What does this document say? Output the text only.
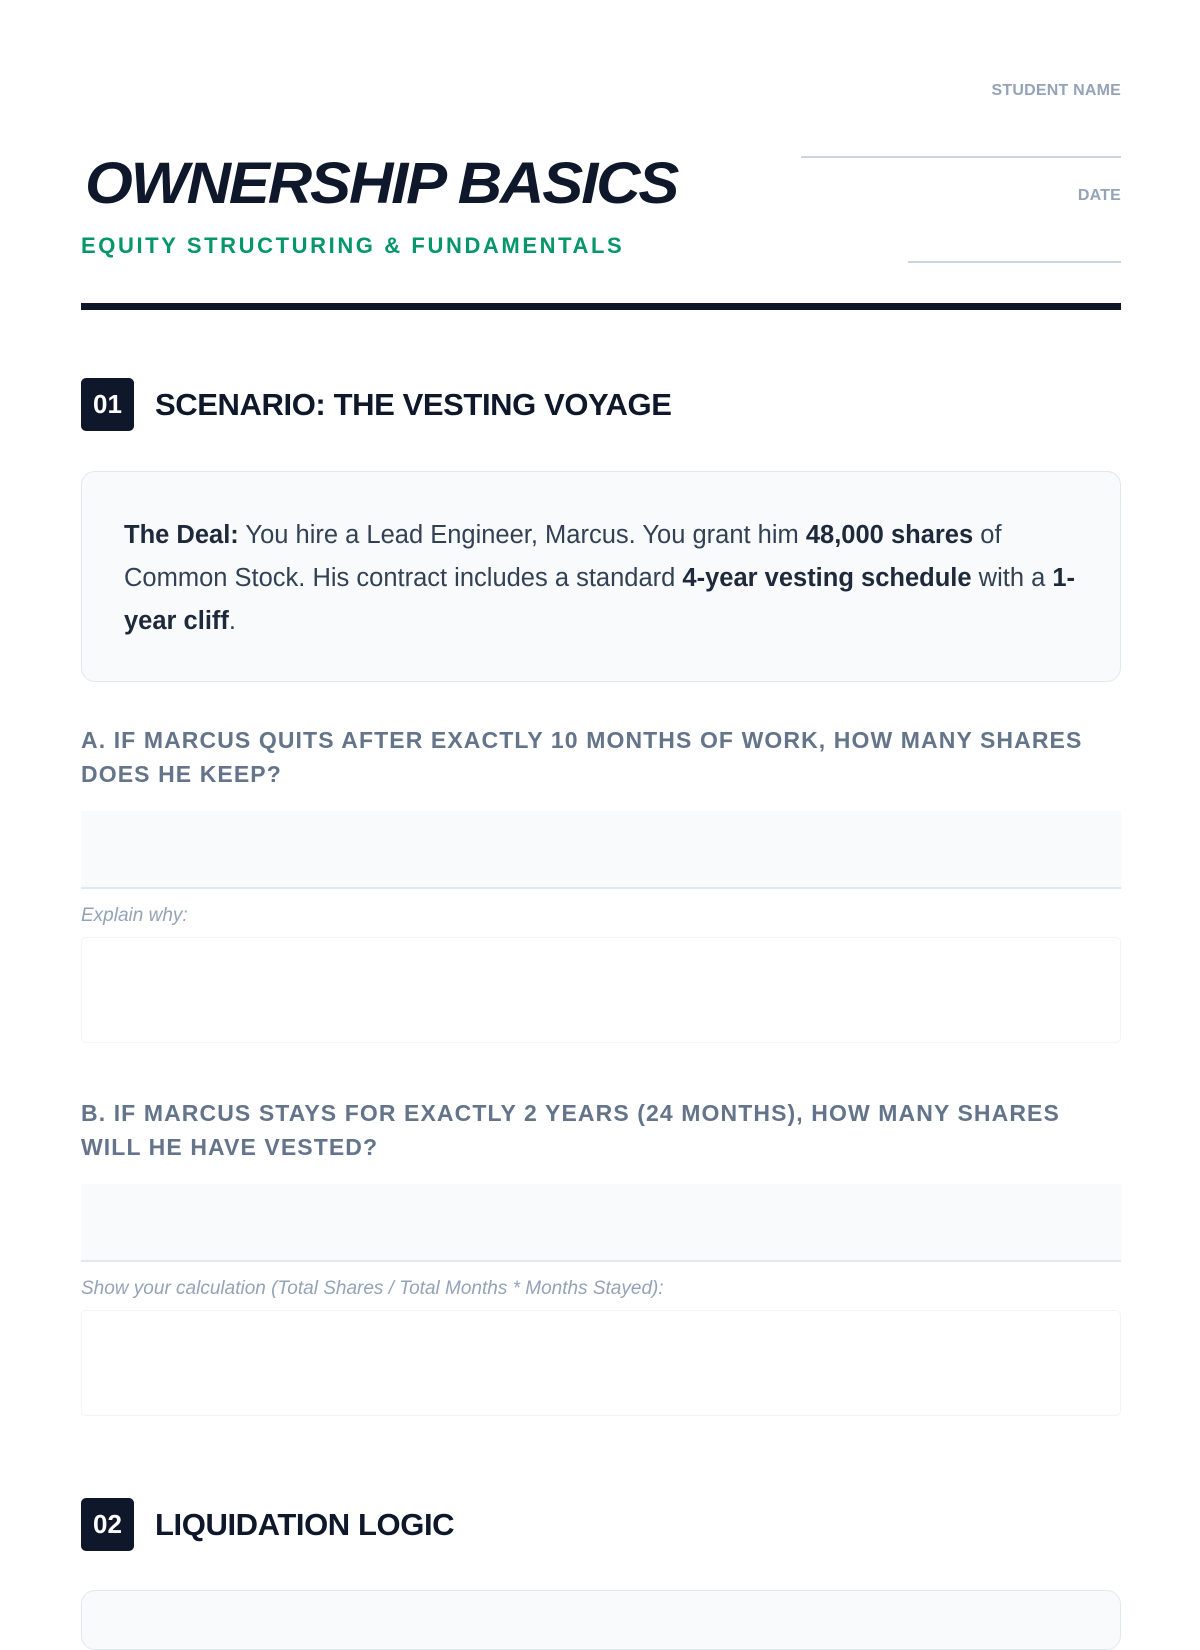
OWNERSHIP BASICS
EQUITY STRUCTURING & FUNDAMENTALS
STUDENT NAME
DATE
01	SCENARIO: THE VESTING VOYAGE
The Deal: You hire a Lead Engineer, Marcus. You grant him 48,000 shares of Common Stock. His contract includes a standard 4-year vesting schedule with a 1-year cliff.

A. IF MARCUS QUITS AFTER EXACTLY 10 MONTHS OF WORK, HOW MANY SHARES DOES HE KEEP?

Explain why:

B. IF MARCUS STAYS FOR EXACTLY 2 YEARS (24 MONTHS), HOW MANY SHARES WILL HE HAVE VESTED?

Show your calculation (Total Shares / Total Months * Months Stayed):
02	LIQUIDATION LOGIC
